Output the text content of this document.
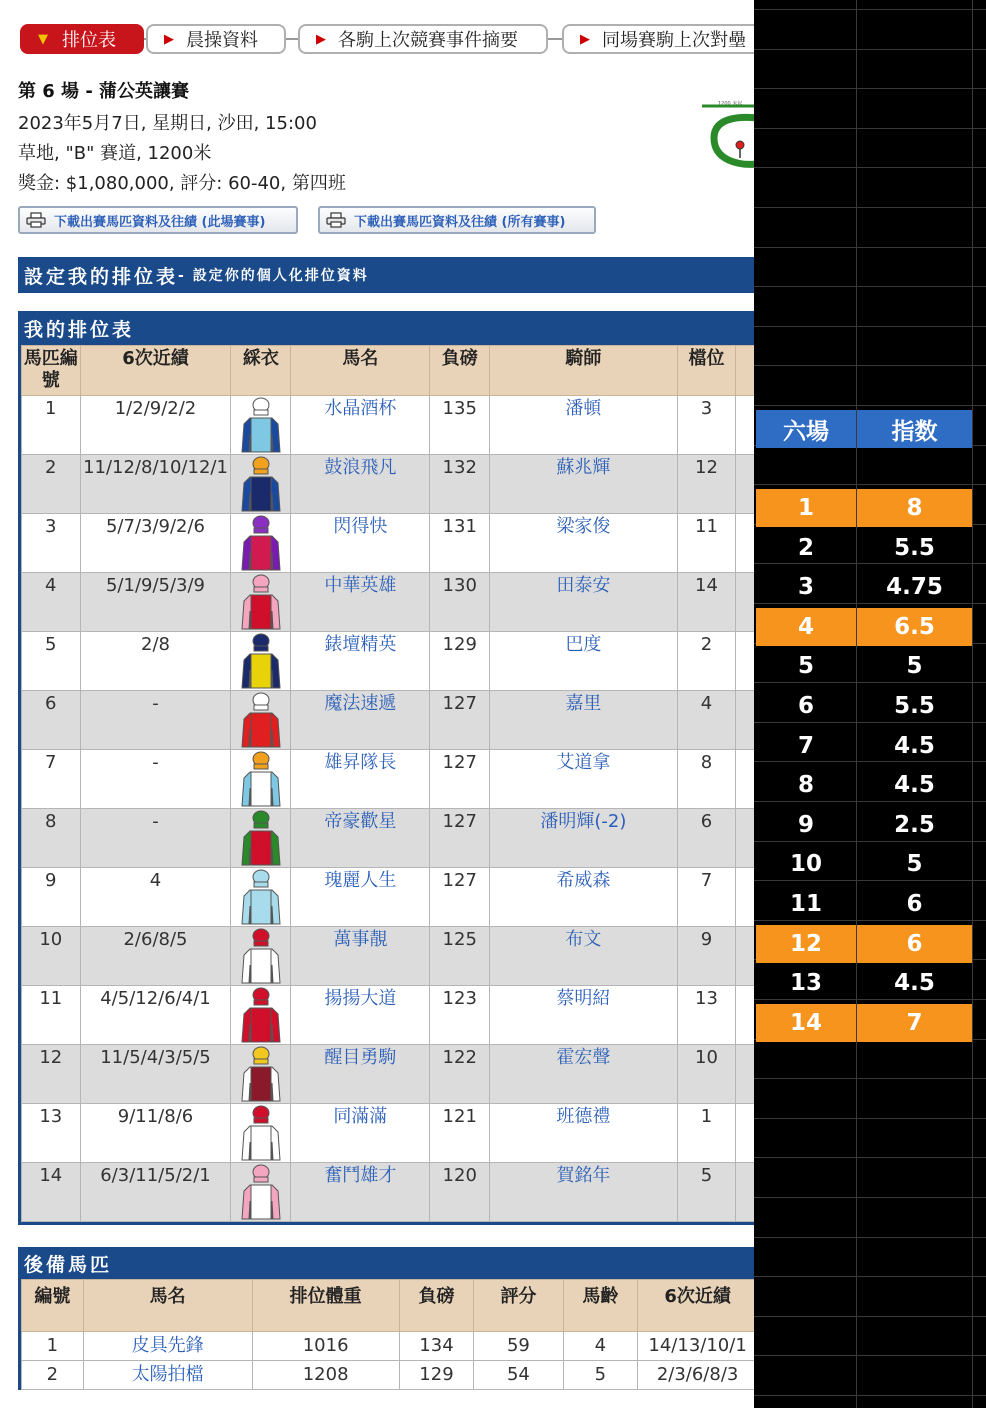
▼ 排位表	▶ 晨操資料	▶ 各駒上次競賽事件摘要	▶ 同場賽駒上次對壘
第 6 場 - 蒲公英讓賽
2023年5月7日, 星期日, 沙田, 15:00
草地, "B" 賽道, 1200米
獎金: $1,080,000, 評分: 60-40, 第四班
1200 米起
下載出賽馬匹資料及往績 (此場賽事)	下載出賽馬匹資料及往績 (所有賽事)
設定我的排位表 - 設定你的個人化排位資料
我的排位表
馬匹編號	6次近績	綵衣	馬名	負磅	騎師	檔位	
1	1/2/9/2/2		水晶酒杯	135	潘頓	3	
2	11/12/8/10/12/1		鼓浪飛凡	132	蘇兆輝	12	
3	5/7/3/9/2/6		閃得快	131	梁家俊	11	
4	5/1/9/5/3/9		中華英雄	130	田泰安	14	
5	2/8		錶壇精英	129	巴度	2	
6	-		魔法速遞	127	嘉里	4	
7	-		雄昇隊長	127	艾道拿	8	
8	-		帝豪歡星	127	潘明輝(-2)	6	
9	4		瑰麗人生	127	希威森	7	
10	2/6/8/5		萬事靚	125	布文	9	
11	4/5/12/6/4/1		揚揚大道	123	蔡明紹	13	
12	11/5/4/3/5/5		醒目勇駒	122	霍宏聲	10	
13	9/11/8/6		同滿滿	121	班德禮	1	
14	6/3/11/5/2/1		奮鬥雄才	120	賀銘年	5	
後備馬匹
編號	馬名	排位體重	負磅	評分	馬齡	6次近績
1	皮具先鋒	1016	134	59	4	14/13/10/1
2	太陽拍檔	1208	129	54	5	2/3/6/8/3
六場	指数
1	8
2	5.5
3	4.75
4	6.5
5	5
6	5.5
7	4.5
8	4.5
9	2.5
10	5
11	6
12	6
13	4.5
14	7
